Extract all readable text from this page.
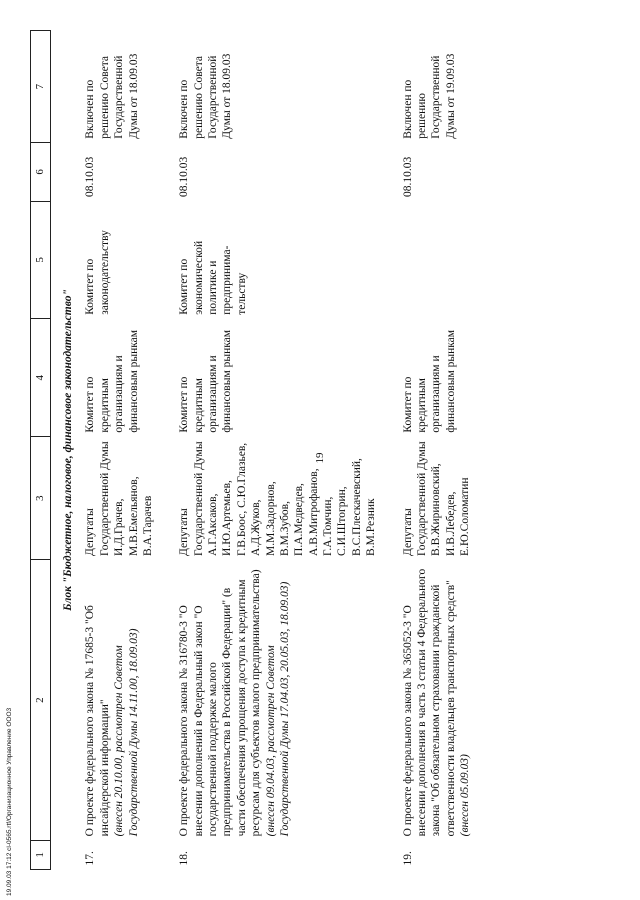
19
1	2	3	4	5	6	7
Блок "Бюджетное, налоговое, финансовое законодательство"						
17.	О проекте федерального закона № 17685-3 "Об инсайдерской информации" (внесен 20.10.00, рассмотрен Советом Государственной Думы 14.11.00, 18.09.03)	Депутаты Государственной Думы И.Д.Грачев, М.В.Емельянов, В.А.Тарачев	Комитет по кредитным организациям и финансовым рынкам	Комитет по законодательству	08.10.03	Включен по решению Совета Государственной Думы от 18.09.03

18.	О проекте федерального закона № 316780-3 "О внесении дополнений в Федеральный закон "О государственной поддержке малого предпринимательства в Российской Федерации" (в части обеспечения упрощения доступа к кредитным ресурсам для субъектов малого предпринимательства) (внесен 09.04.03, рассмотрен Советом Государственной Думы 17.04.03, 20.05.03, 18.09.03)	Депутаты Государственной Думы А.Г.Аксаков, И.Ю.Артемьев, Г.В.Боос, С.Ю.Глазьев, А.Д.Жуков, М.М.Задорнов, В.М.Зубов, П.А.Медведев, А.В.Митрофанов, Г.А.Томчин, С.И.Штогрин, В.С.Плескачевский, В.М.Резник	Комитет по кредитным организациям и финансовым рынкам	Комитет по экономической политике и предпринима-тельству	08.10.03	Включен по решению Совета Государственной Думы от 18.09.03

19.	О проекте федерального закона № 365052-3 "О внесении дополнения в часть 3 статьи 4 Федерального закона "Об обязательном страховании гражданской ответственности владельцев транспортных средств" (внесен 05.09.03)	Депутаты Государственной Думы В.В.Жириновский, И.В.Лебедев, Е.Ю.Соломатин	Комитет по кредитным организациям и финансовым рынкам		08.10.03	Включен по решению Государственной Думы от 19.09.03
19.09.03 17:12 cl-0565.rtf/Организационное Управление ООО3
